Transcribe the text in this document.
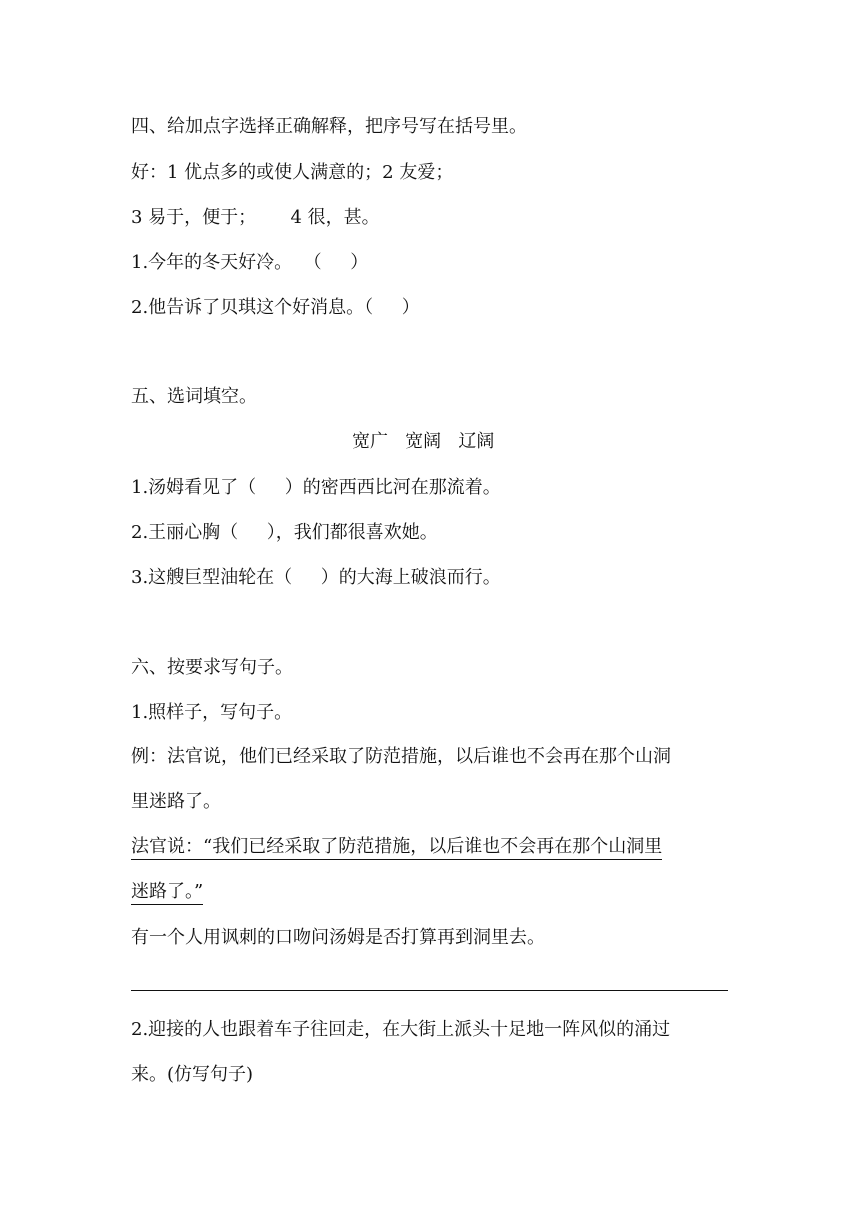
四、给加点字选择正确解释，把序号写在括号里。
好：1 优点多的或使人满意的；2 友爱；
3 易于，便于；      4 很，甚。
1.今年的冬天好冷。  （     ）
2.他告诉了贝琪这个好消息。（     ）
五、选词填空。
宽广   宽阔   辽阔
1.汤姆看见了（     ）的密西西比河在那流着。
2.王丽心胸（     ），我们都很喜欢她。
3.这艘巨型油轮在（     ）的大海上破浪而行。
六、按要求写句子。
1.照样子，写句子。
例：法官说，他们已经采取了防范措施，以后谁也不会再在那个山洞
里迷路了。
法官说：“我们已经采取了防范措施，以后谁也不会再在那个山洞里
迷路了。”
有一个人用讽刺的口吻问汤姆是否打算再到洞里去。
2.迎接的人也跟着车子往回走，在大街上派头十足地一阵风似的涌过
来。(仿写句子)
